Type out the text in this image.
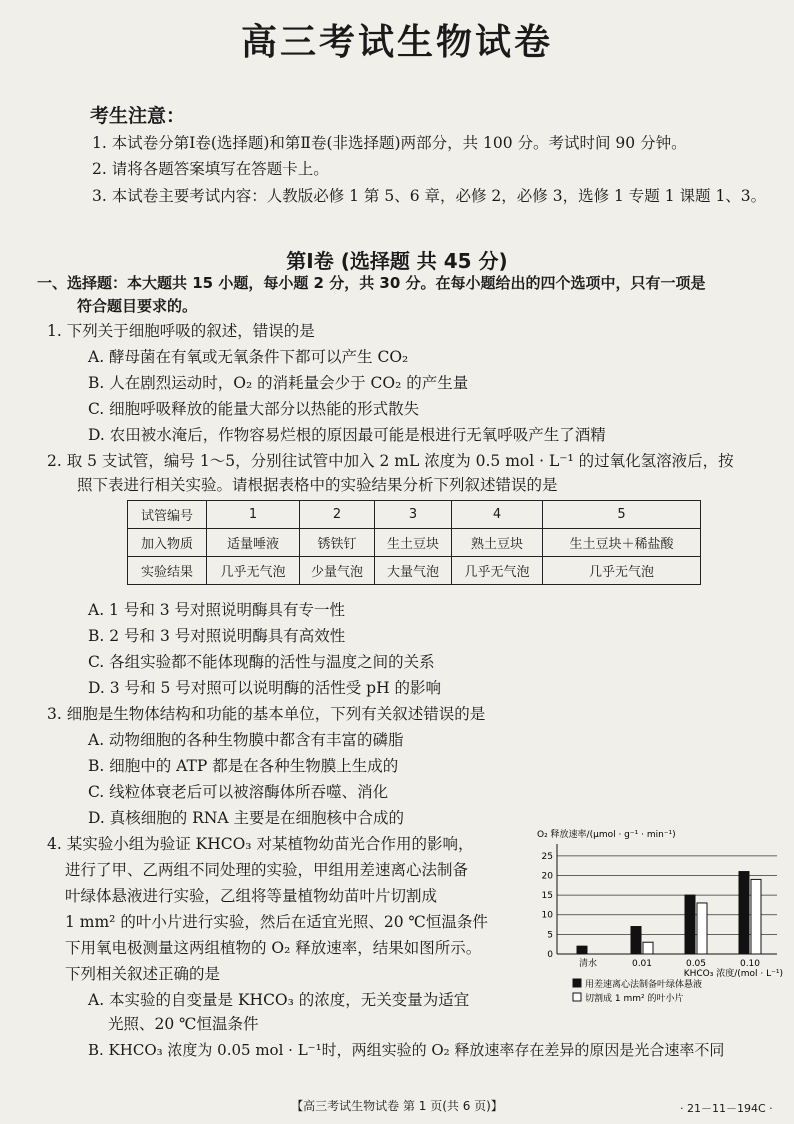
高三考试生物试卷
考生注意：
1. 本试卷分第Ⅰ卷(选择题)和第Ⅱ卷(非选择题)两部分，共 100 分。考试时间 90 分钟。
2. 请将各题答案填写在答题卡上。
3. 本试卷主要考试内容：人教版必修 1 第 5、6 章，必修 2，必修 3，选修 1 专题 1 课题 1、3。
第Ⅰ卷 (选择题 共 45 分)
一、选择题：本大题共 15 小题，每小题 2 分，共 30 分。在每小题给出的四个选项中，只有一项是
符合题目要求的。
1. 下列关于细胞呼吸的叙述，错误的是
A. 酵母菌在有氧或无氧条件下都可以产生 CO₂
B. 人在剧烈运动时，O₂ 的消耗量会少于 CO₂ 的产生量
C. 细胞呼吸释放的能量大部分以热能的形式散失
D. 农田被水淹后，作物容易烂根的原因最可能是根进行无氧呼吸产生了酒精
2. 取 5 支试管，编号 1～5，分别往试管中加入 2 mL 浓度为 0.5 mol · L⁻¹ 的过氧化氢溶液后，按
照下表进行相关实验。请根据表格中的实验结果分析下列叙述错误的是
试管编号	1	2	3	4	5
加入物质	适量唾液	锈铁钉	生土豆块	熟土豆块	生土豆块＋稀盐酸
实验结果	几乎无气泡	少量气泡	大量气泡	几乎无气泡	几乎无气泡
A. 1 号和 3 号对照说明酶具有专一性
B. 2 号和 3 号对照说明酶具有高效性
C. 各组实验都不能体现酶的活性与温度之间的关系
D. 3 号和 5 号对照可以说明酶的活性受 pH 的影响
3. 细胞是生物体结构和功能的基本单位，下列有关叙述错误的是
A. 动物细胞的各种生物膜中都含有丰富的磷脂
B. 细胞中的 ATP 都是在各种生物膜上生成的
C. 线粒体衰老后可以被溶酶体所吞噬、消化
D. 真核细胞的 RNA 主要是在细胞核中合成的
4. 某实验小组为验证 KHCO₃ 对某植物幼苗光合作用的影响，
进行了甲、乙两组不同处理的实验，甲组用差速离心法制备
叶绿体悬液进行实验，乙组将等量植物幼苗叶片切割成
1 mm² 的叶小片进行实验，然后在适宜光照、20 ℃恒温条件
下用氧电极测量这两组植物的 O₂ 释放速率，结果如图所示。
下列相关叙述正确的是
A. 本实验的自变量是 KHCO₃ 的浓度，无关变量为适宜
光照、20 ℃恒温条件
B. KHCO₃ 浓度为 0.05 mol · L⁻¹时，两组实验的 O₂ 释放速率存在差异的原因是光合速率不同
O₂ 释放速率/(μmol · g⁻¹ · min⁻¹)
0
5
10
15
20
25
清水	0.01	0.05	0.10
KHCO₃ 浓度/(mol · L⁻¹)
用差速离心法制备叶绿体悬液
切割成 1 mm² 的叶小片
【高三考试生物试卷 第 1 页(共 6 页)】	· 21－11－194C ·
